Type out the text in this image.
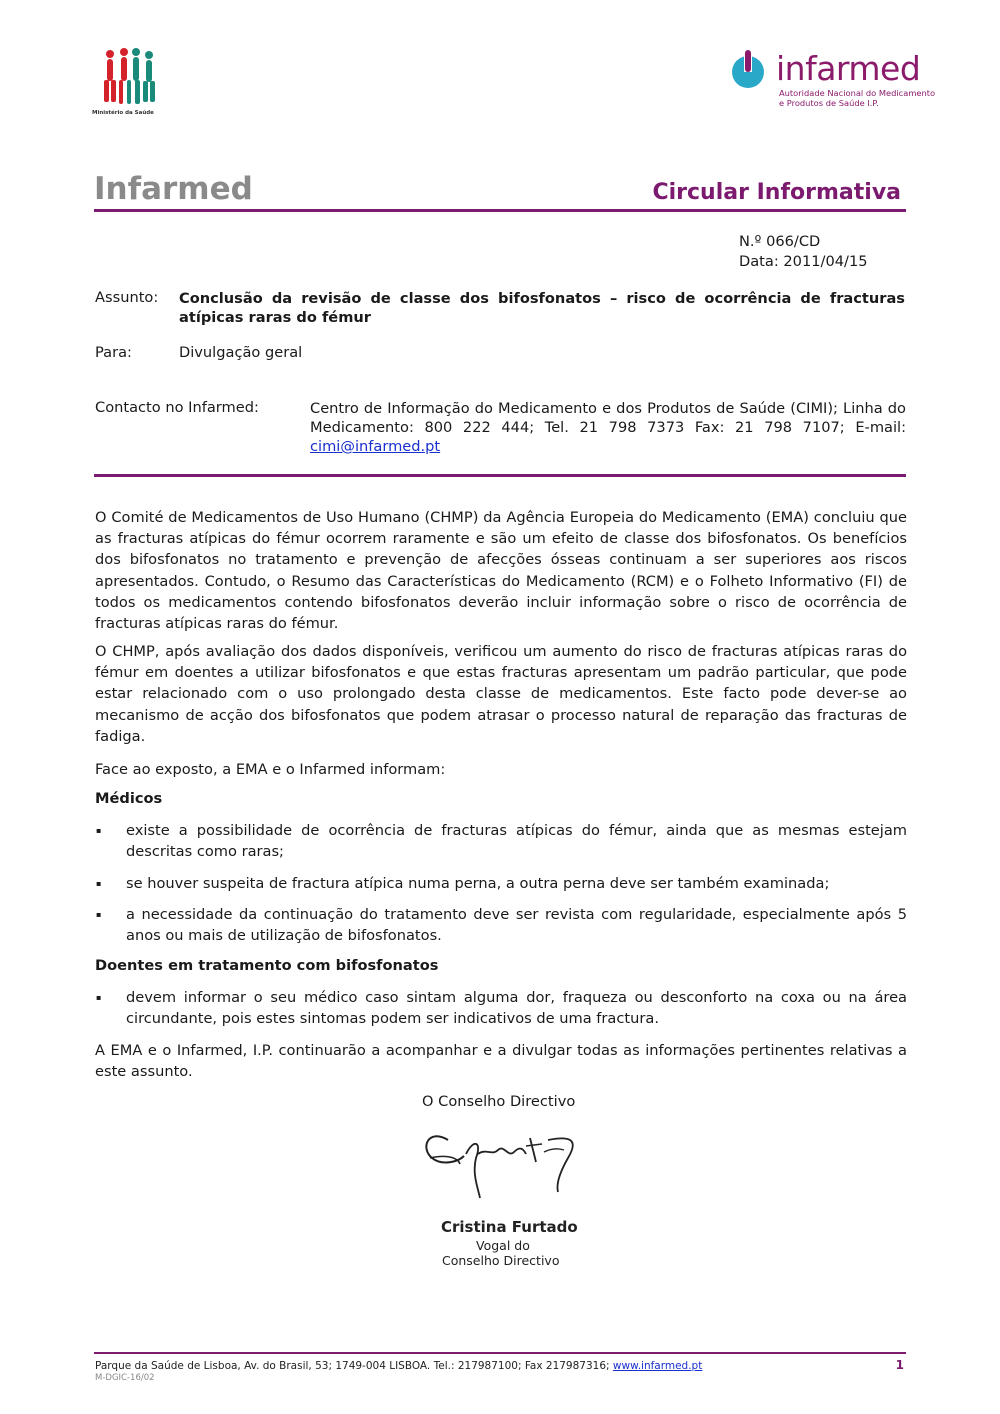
Ministério da Saúde
infarmed
Autoridade Nacional do Medicamento
e Produtos de Saúde I.P.
Infarmed	Circular Informativa
N.º 066/CD
Data: 2011/04/15
Assunto: Conclusão da revisão de classe dos bifosfonatos – risco de ocorrência de fracturas atípicas raras do fémur
Para:	Divulgação geral
Contacto no Infarmed:	Centro de Informação do Medicamento e dos Produtos de Saúde (CIMI); Linha do Medicamento: 800 222 444; Tel. 21 798 7373 Fax: 21 798 7107; E-mail: cimi@infarmed.pt
O Comité de Medicamentos de Uso Humano (CHMP) da Agência Europeia do Medicamento (EMA) concluiu que as fracturas atípicas do fémur ocorrem raramente e são um efeito de classe dos bifosfonatos. Os benefícios dos bifosfonatos no tratamento e prevenção de afecções ósseas continuam a ser superiores aos riscos apresentados. Contudo, o Resumo das Características do Medicamento (RCM) e o Folheto Informativo (FI) de todos os medicamentos contendo bifosfonatos deverão incluir informação sobre o risco de ocorrência de fracturas atípicas raras do fémur.
O CHMP, após avaliação dos dados disponíveis, verificou um aumento do risco de fracturas atípicas raras do fémur em doentes a utilizar bifosfonatos e que estas fracturas apresentam um padrão particular, que pode estar relacionado com o uso prolongado desta classe de medicamentos. Este facto pode dever-se ao mecanismo de acção dos bifosfonatos que podem atrasar o processo natural de reparação das fracturas de fadiga.
Face ao exposto, a EMA e o Infarmed informam:
Médicos
▪ existe a possibilidade de ocorrência de fracturas atípicas do fémur, ainda que as mesmas estejam descritas como raras;
▪ se houver suspeita de fractura atípica numa perna, a outra perna deve ser também examinada;
▪ a necessidade da continuação do tratamento deve ser revista com regularidade, especialmente após 5 anos ou mais de utilização de bifosfonatos.
Doentes em tratamento com bifosfonatos
▪ devem informar o seu médico caso sintam alguma dor, fraqueza ou desconforto na coxa ou na área circundante, pois estes sintomas podem ser indicativos de uma fractura.
A EMA e o Infarmed, I.P. continuarão a acompanhar e a divulgar todas as informações pertinentes relativas a este assunto.
O Conselho Directivo
Cristina Furtado
Vogal do
Conselho Directivo
Parque da Saúde de Lisboa, Av. do Brasil, 53; 1749-004 LISBOA. Tel.: 217987100; Fax 217987316; www.infarmed.pt
M-DGIC-16/02
1
